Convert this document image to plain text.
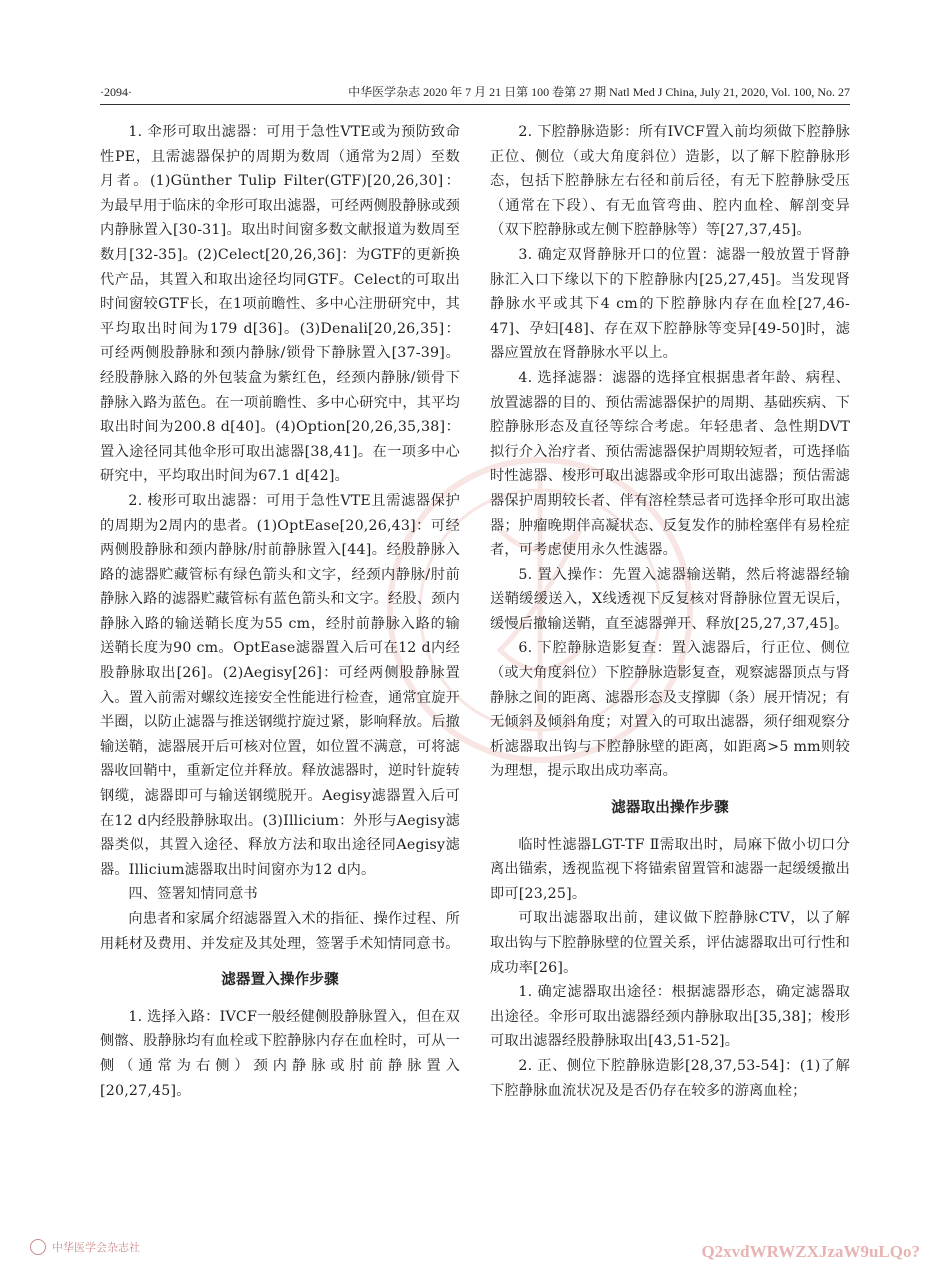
·2094·	中华医学杂志 2020 年 7 月 21 日第 100 卷第 27 期 Natl Med J China, July 21, 2020, Vol. 100, No. 27

1. 伞形可取出滤器：可用于急性VTE或为预防致命性PE，且需滤器保护的周期为数周（通常为2周）至数月者。(1)Günther Tulip Filter(GTF)[20,26,30]：为最早用于临床的伞形可取出滤器，可经两侧股静脉或颈内静脉置入[30-31]。取出时间窗多数文献报道为数周至数月[32-35]。(2)Celect[20,26,36]：为GTF的更新换代产品，其置入和取出途径均同GTF。Celect的可取出时间窗较GTF长，在1项前瞻性、多中心注册研究中，其平均取出时间为179 d[36]。(3)Denali[20,26,35]：可经两侧股静脉和颈内静脉/锁骨下静脉置入[37-39]。经股静脉入路的外包装盒为紫红色，经颈内静脉/锁骨下静脉入路为蓝色。在一项前瞻性、多中心研究中，其平均取出时间为200.8 d[40]。(4)Option[20,26,35,38]：置入途径同其他伞形可取出滤器[38,41]。在一项多中心研究中，平均取出时间为67.1 d[42]。

2. 梭形可取出滤器：可用于急性VTE且需滤器保护的周期为2周内的患者。(1)OptEase[20,26,43]：可经两侧股静脉和颈内静脉/肘前静脉置入[44]。经股静脉入路的滤器贮藏管标有绿色箭头和文字，经颈内静脉/肘前静脉入路的滤器贮藏管标有蓝色箭头和文字。经股、颈内静脉入路的输送鞘长度为55 cm，经肘前静脉入路的输送鞘长度为90 cm。OptEase滤器置入后可在12 d内经股静脉取出[26]。(2)Aegisy[26]：可经两侧股静脉置入。置入前需对螺纹连接安全性能进行检查，通常宜旋开半圈，以防止滤器与推送钢缆拧旋过紧，影响释放。后撤输送鞘，滤器展开后可核对位置，如位置不满意，可将滤器收回鞘中，重新定位并释放。释放滤器时，逆时针旋转钢缆，滤器即可与输送钢缆脱开。Aegisy滤器置入后可在12 d内经股静脉取出。(3)Illicium：外形与Aegisy滤器类似，其置入途径、释放方法和取出途径同Aegisy滤器。Illicium滤器取出时间窗亦为12 d内。

四、签署知情同意书

向患者和家属介绍滤器置入术的指征、操作过程、所用耗材及费用、并发症及其处理，签署手术知情同意书。

滤器置入操作步骤

1. 选择入路：IVCF一般经健侧股静脉置入，但在双侧髂、股静脉均有血栓或下腔静脉内存在血栓时，可从一侧（通常为右侧）颈内静脉或肘前静脉置入[20,27,45]。

2. 下腔静脉造影：所有IVCF置入前均须做下腔静脉正位、侧位（或大角度斜位）造影，以了解下腔静脉形态，包括下腔静脉左右径和前后径，有无下腔静脉受压（通常在下段）、有无血管弯曲、腔内血栓、解剖变异（双下腔静脉或左侧下腔静脉等）等[27,37,45]。

3. 确定双肾静脉开口的位置：滤器一般放置于肾静脉汇入口下缘以下的下腔静脉内[25,27,45]。当发现肾静脉水平或其下4 cm的下腔静脉内存在血栓[27,46-47]、孕妇[48]、存在双下腔静脉等变异[49-50]时，滤器应置放在肾静脉水平以上。

4. 选择滤器：滤器的选择宜根据患者年龄、病程、放置滤器的目的、预估需滤器保护的周期、基础疾病、下腔静脉形态及直径等综合考虑。年轻患者、急性期DVT拟行介入治疗者、预估需滤器保护周期较短者，可选择临时性滤器、梭形可取出滤器或伞形可取出滤器；预估需滤器保护周期较长者、伴有溶栓禁忌者可选择伞形可取出滤器；肿瘤晚期伴高凝状态、反复发作的肺栓塞伴有易栓症者，可考虑使用永久性滤器。

5. 置入操作：先置入滤器输送鞘，然后将滤器经输送鞘缓缓送入，X线透视下反复核对肾静脉位置无误后，缓慢后撤输送鞘，直至滤器弹开、释放[25,27,37,45]。

6. 下腔静脉造影复查：置入滤器后，行正位、侧位（或大角度斜位）下腔静脉造影复查，观察滤器顶点与肾静脉之间的距离、滤器形态及支撑脚（条）展开情况；有无倾斜及倾斜角度；对置入的可取出滤器，须仔细观察分析滤器取出钩与下腔静脉壁的距离，如距离>5 mm则较为理想，提示取出成功率高。

滤器取出操作步骤

临时性滤器LGT-TF Ⅱ需取出时，局麻下做小切口分离出锚索，透视监视下将锚索留置管和滤器一起缓缓撤出即可[23,25]。

可取出滤器取出前，建议做下腔静脉CTV，以了解取出钩与下腔静脉壁的位置关系，评估滤器取出可行性和成功率[26]。

1. 确定滤器取出途径：根据滤器形态，确定滤器取出途径。伞形可取出滤器经颈内静脉取出[35,38]；梭形可取出滤器经股静脉取出[43,51-52]。

2. 正、侧位下腔静脉造影[28,37,53-54]：(1)了解下腔静脉血流状况及是否仍存在较多的游离血栓；

中华医学会杂志社	Q2xvdWRWZXJzaW9uLQo?
